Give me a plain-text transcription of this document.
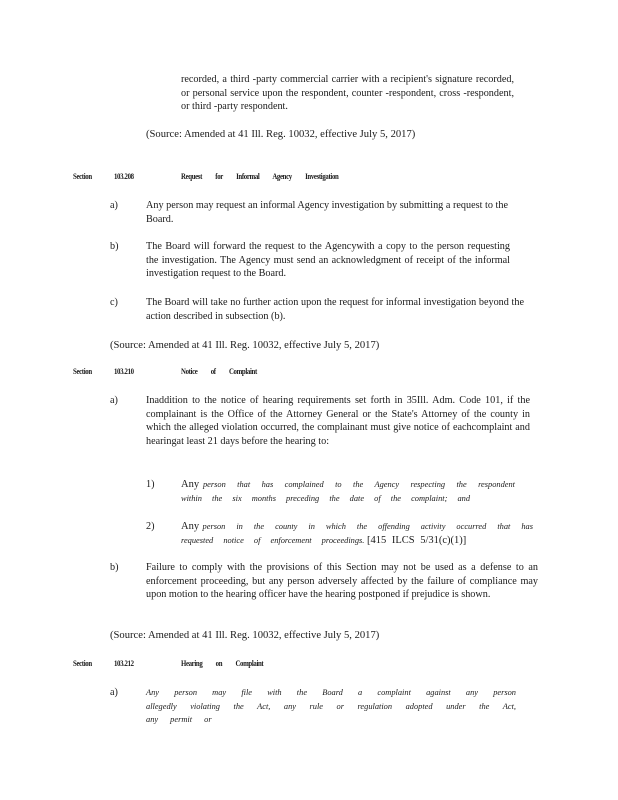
recorded, a third -party commercial carrier with a recipient's signature recorded, or personal service upon the respondent, counter -respondent, cross -respondent, or third -party respondent.
(Source: Amended at 41 Ill. Reg. 10032, effective July 5, 2017)
Section	103.208	Request for Informal Agency Investigation
a)	Any person may request an informal Agency investigation by submitting a request to the Board.
b)	The Board will forward the request to the Agencywith a copy to the person requesting the investigation. The Agency must send an acknowledgment of receipt of the informal investigation request to the Board.
c)	The Board will take no further action upon the request for informal investigation beyond the action described in subsection (b).
(Source: Amended at 41 Ill. Reg. 10032, effective July 5, 2017)
Section	103.210	Notice of Complaint
a)	Inaddition to the notice of hearing requirements set forth in 35Ill. Adm. Code 101, if the complainant is the Office of the Attorney General or the State's Attorney of the county in which the alleged violation occurred, the complainant must give notice of eachcomplaint and hearingat least 21 days before the hearing to:
1)	Any person that has complained to the Agency respecting the respondent within the six months preceding the date of the complaint; and
2)	Any person in the county in which the offending activity occurred that has requested notice of enforcement proceedings. [415 ILCS 5/31(c)(1)]
b)	Failure to comply with the provisions of this Section may not be used as a defense to an enforcement proceeding, but any person adversely affected by the failure of compliance may upon motion to the hearing officer have the hearing postponed if prejudice is shown.
(Source: Amended at 41 Ill. Reg. 10032, effective July 5, 2017)
Section	103.212	Hearing on Complaint
a)	Any person may file with the Board a complaint against any person allegedly violating the Act, any rule or regulation adopted under the Act, any permit or
